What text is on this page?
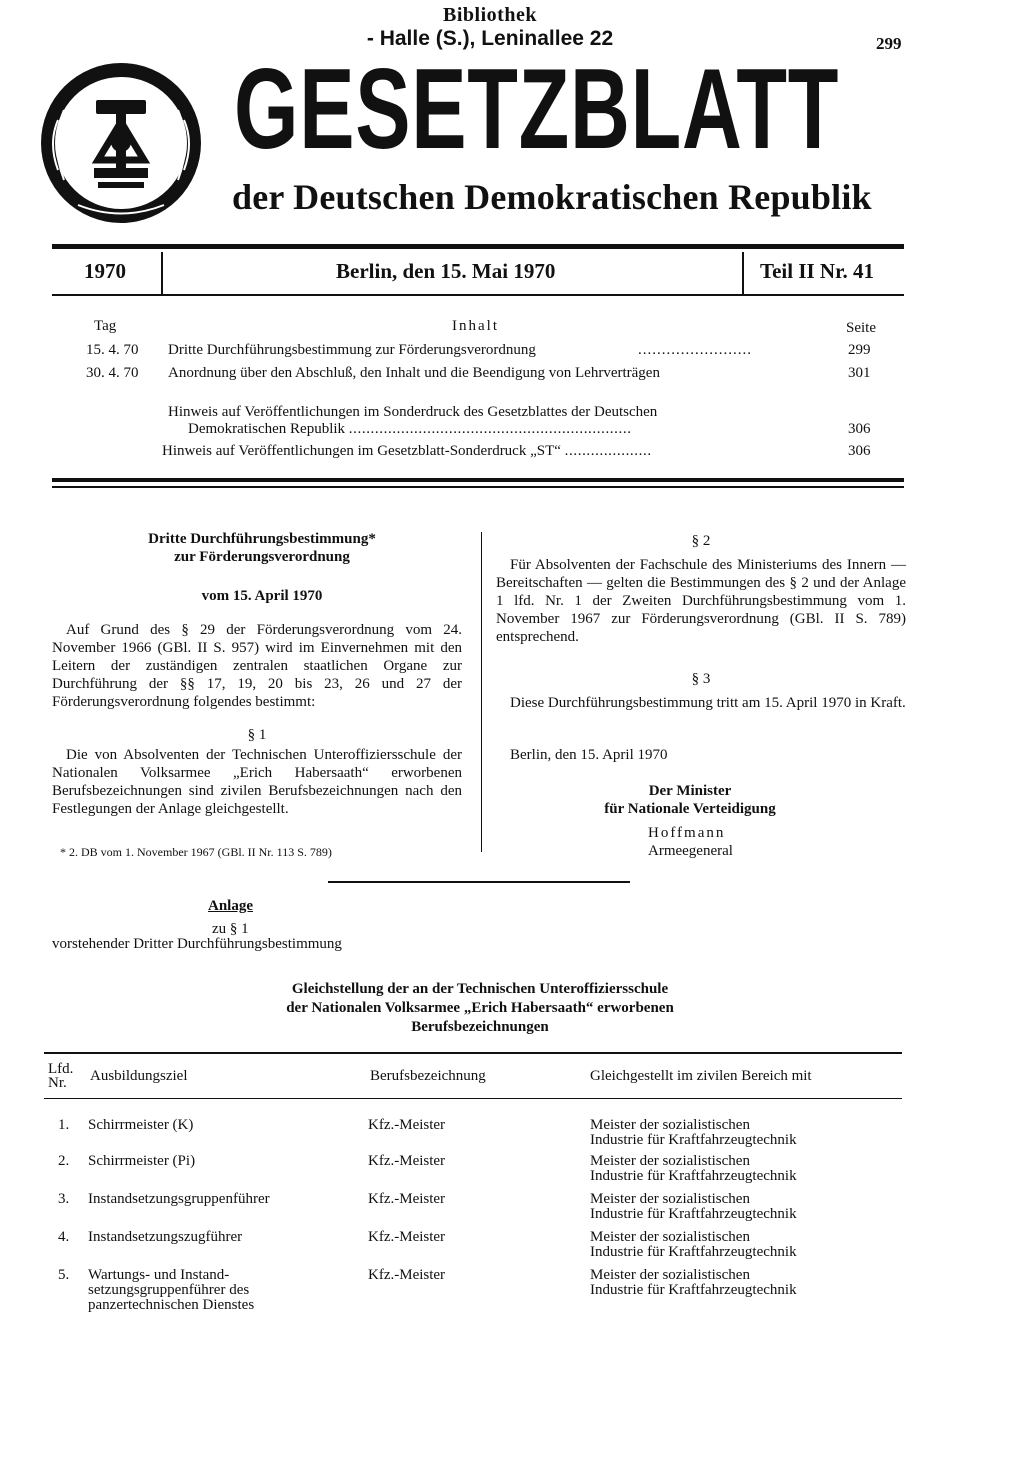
Bibliothek
- Halle (S.), Leninallee 22	299
GESETZBLATT
der Deutschen Demokratischen Republik
1970	Berlin, den 15. Mai 1970	Teil II Nr. 41
Tag	Inhalt	Seite
15. 4. 70 Dritte Durchführungsbestimmung zur Förderungsverordnung	........................	299
30. 4. 70 Anordnung über den Abschluß, den Inhalt und die Beendigung von Lehrverträgen	301
Hinweis auf Veröffentlichungen im Sonderdruck des Gesetzblattes der Deutschen
Demokratischen Republik .................................................................	306
Hinweis auf Veröffentlichungen im Gesetzblatt-Sonderdruck „ST“ ....................	306
Dritte Durchführungsbestimmung*
zur Förderungsverordnung
vom 15. April 1970
Auf Grund des § 29 der Förderungsverordnung vom 24. November 1966 (GBl. II S. 957) wird im Einvernehmen mit den Leitern der zuständigen zentralen staatlichen Organe zur Durchführung der §§ 17, 19, 20 bis 23, 26 und 27 der Förderungsverordnung folgendes bestimmt:
§ 1
Die von Absolventen der Technischen Unteroffiziersschule der Nationalen Volksarmee „Erich Habersaath“ erworbenen Berufsbezeichnungen sind zivilen Berufsbezeichnungen nach den Festlegungen der Anlage gleichgestellt.
* 2. DB vom 1. November 1967 (GBl. II Nr. 113 S. 789)
§ 2
Für Absolventen der Fachschule des Ministeriums des Innern — Bereitschaften — gelten die Bestimmungen des § 2 und der Anlage 1 lfd. Nr. 1 der Zweiten Durchführungsbestimmung vom 1. November 1967 zur Förderungsverordnung (GBl. II S. 789) entsprechend.
§ 3
Diese Durchführungsbestimmung tritt am 15. April 1970 in Kraft.
Berlin, den 15. April 1970
Der Minister
für Nationale Verteidigung
Hoffmann
Armeegeneral
Anlage
zu § 1
vorstehender Dritter Durchführungsbestimmung
Gleichstellung der an der Technischen Unteroffiziersschule
der Nationalen Volksarmee „Erich Habersaath“ erworbenen
Berufsbezeichnungen
Lfd.
Nr.	Ausbildungsziel	Berufsbezeichnung	Gleichgestellt im zivilen Bereich mit
1. Schirrmeister (K)	Kfz.-Meister	Meister der sozialistischen
Industrie für Kraftfahrzeugtechnik
2. Schirrmeister (Pi)	Kfz.-Meister	Meister der sozialistischen
Industrie für Kraftfahrzeugtechnik
3. Instandsetzungsgruppenführer	Kfz.-Meister	Meister der sozialistischen
Industrie für Kraftfahrzeugtechnik
4. Instandsetzungszugführer	Kfz.-Meister	Meister der sozialistischen
Industrie für Kraftfahrzeugtechnik
5. Wartungs- und Instand-
setzungsgruppenführer des
panzertechnischen Dienstes
Kfz.-Meister	Meister der sozialistischen
Industrie für Kraftfahrzeugtechnik
